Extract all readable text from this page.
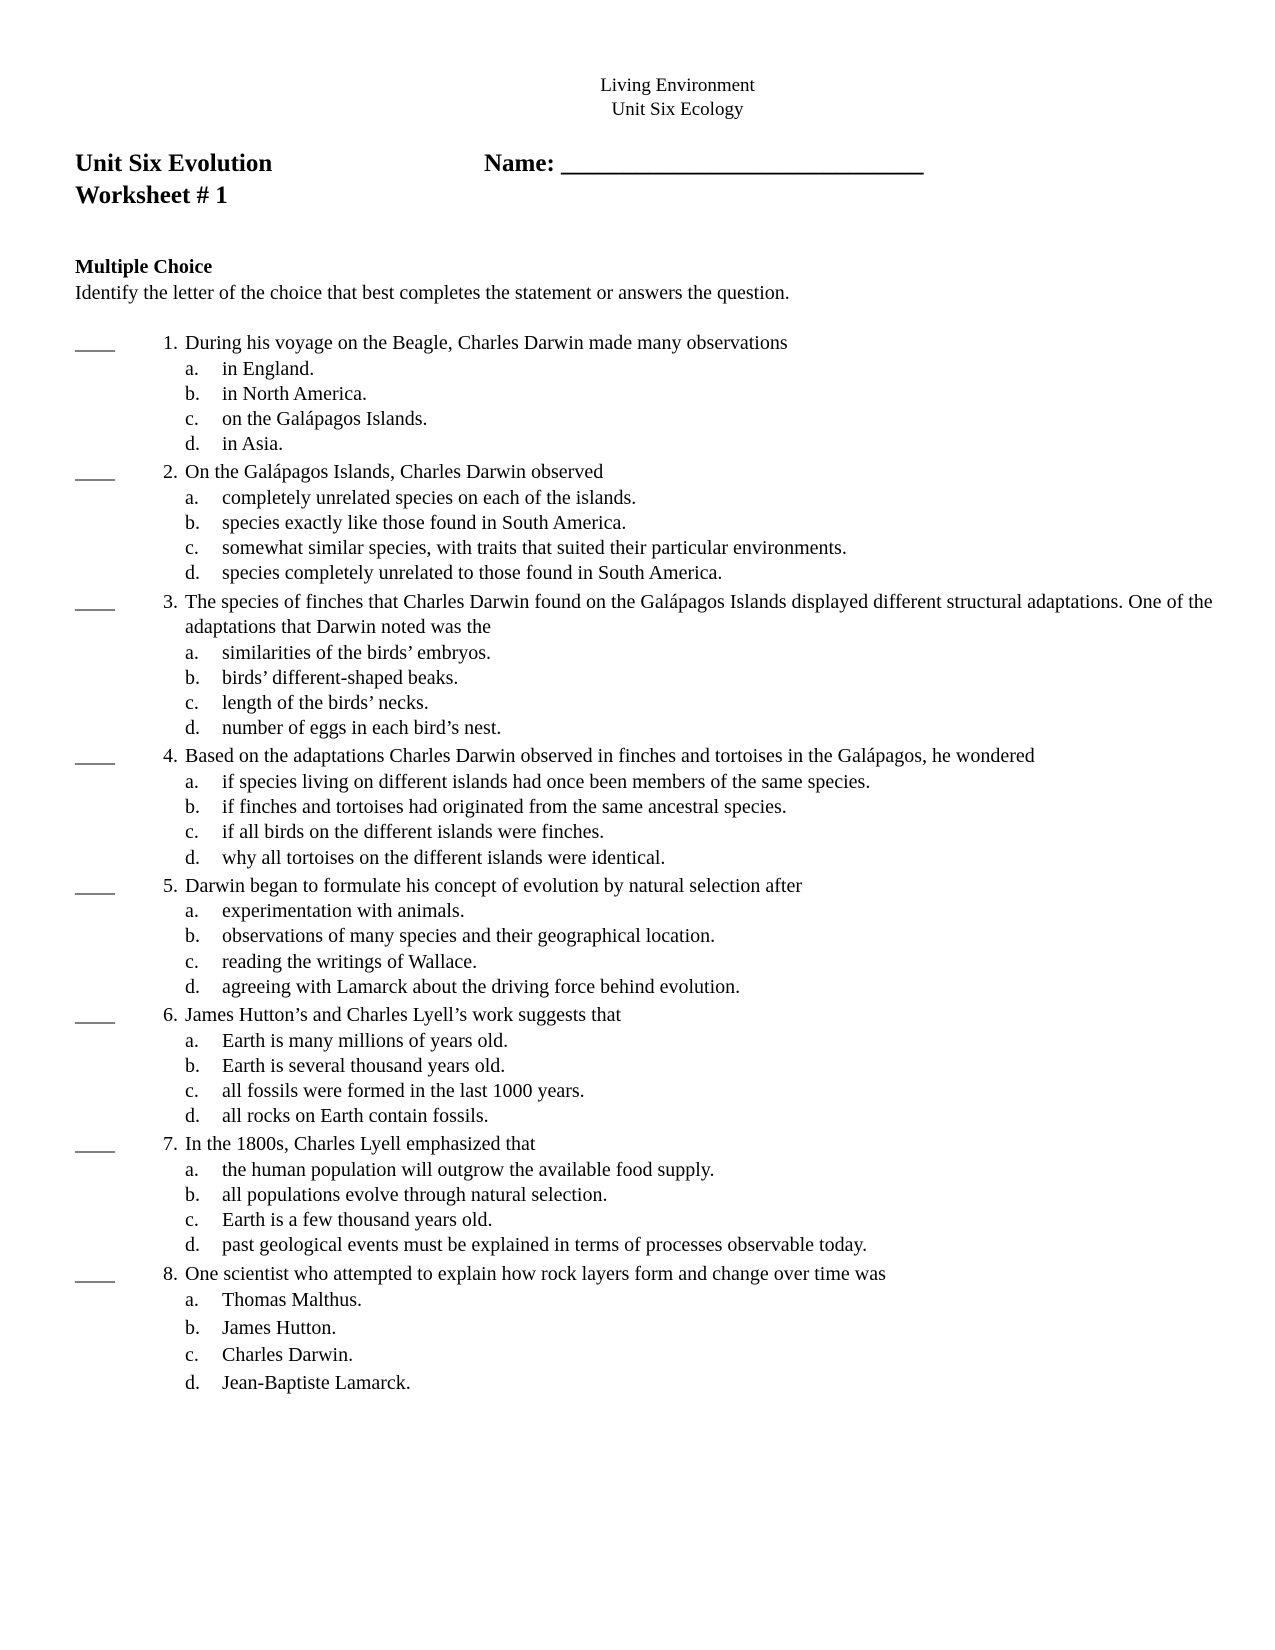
Living Environment
Unit Six Ecology
Unit Six Evolution
Worksheet # 1
Name: _____________________________
Multiple Choice
Identify the letter of the choice that best completes the statement or answers the question.
____	1. During his voyage on the Beagle, Charles Darwin made many observations
a.	in England.
b.	in North America.
c.	on the Galápagos Islands.
d.	in Asia.
____	2. On the Galápagos Islands, Charles Darwin observed
a.	completely unrelated species on each of the islands.
b.	species exactly like those found in South America.
c.	somewhat similar species, with traits that suited their particular environments.
d.	species completely unrelated to those found in South America.
____	3. The species of finches that Charles Darwin found on the Galápagos Islands displayed different structural adaptations. One of the adaptations that Darwin noted was the
a.	similarities of the birds’ embryos.
b.	birds’ different-shaped beaks.
c.	length of the birds’ necks.
d.	number of eggs in each bird’s nest.
____	4. Based on the adaptations Charles Darwin observed in finches and tortoises in the Galápagos, he wondered
a.	if species living on different islands had once been members of the same species.
b.	if finches and tortoises had originated from the same ancestral species.
c.	if all birds on the different islands were finches.
d.	why all tortoises on the different islands were identical.
____	5. Darwin began to formulate his concept of evolution by natural selection after
a.	experimentation with animals.
b.	observations of many species and their geographical location.
c.	reading the writings of Wallace.
d.	agreeing with Lamarck about the driving force behind evolution.
____	6. James Hutton’s and Charles Lyell’s work suggests that
a.	Earth is many millions of years old.
b.	Earth is several thousand years old.
c.	all fossils were formed in the last 1000 years.
d.	all rocks on Earth contain fossils.
____	7. In the 1800s, Charles Lyell emphasized that
a.	the human population will outgrow the available food supply.
b.	all populations evolve through natural selection.
c.	Earth is a few thousand years old.
d.	past geological events must be explained in terms of processes observable today.
____	8. One scientist who attempted to explain how rock layers form and change over time was
a.	Thomas Malthus.
b.	James Hutton.
c.	Charles Darwin.
d.	Jean-Baptiste Lamarck.
